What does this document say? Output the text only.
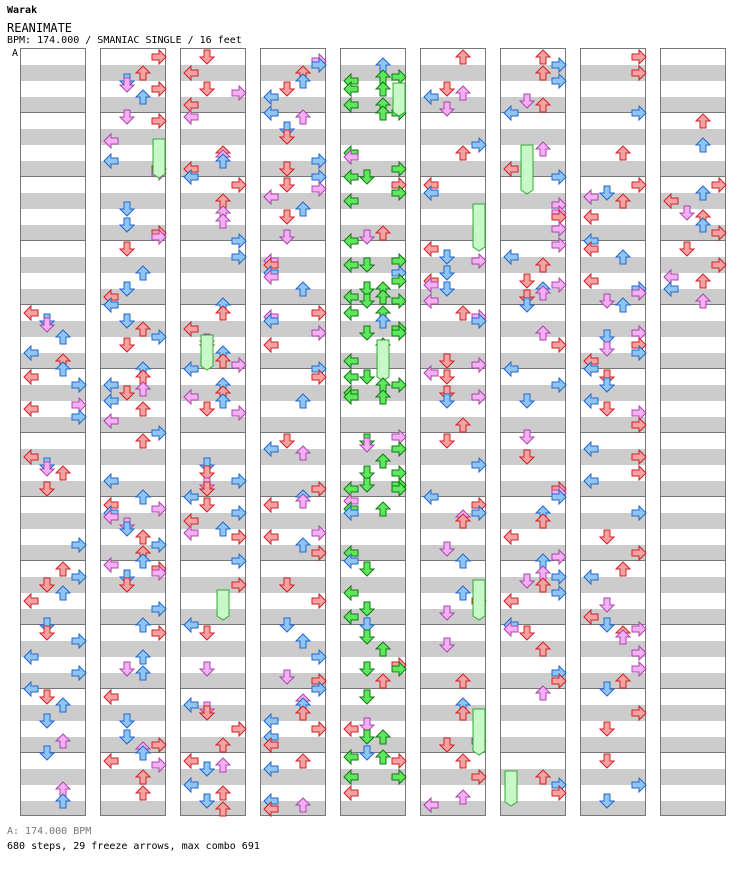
Warak
REANIMATE
BPM: 174.000 / SMANIAC SINGLE / 16 feet
A
A: 174.000 BPM
680 steps, 29 freeze arrows, max combo 691
